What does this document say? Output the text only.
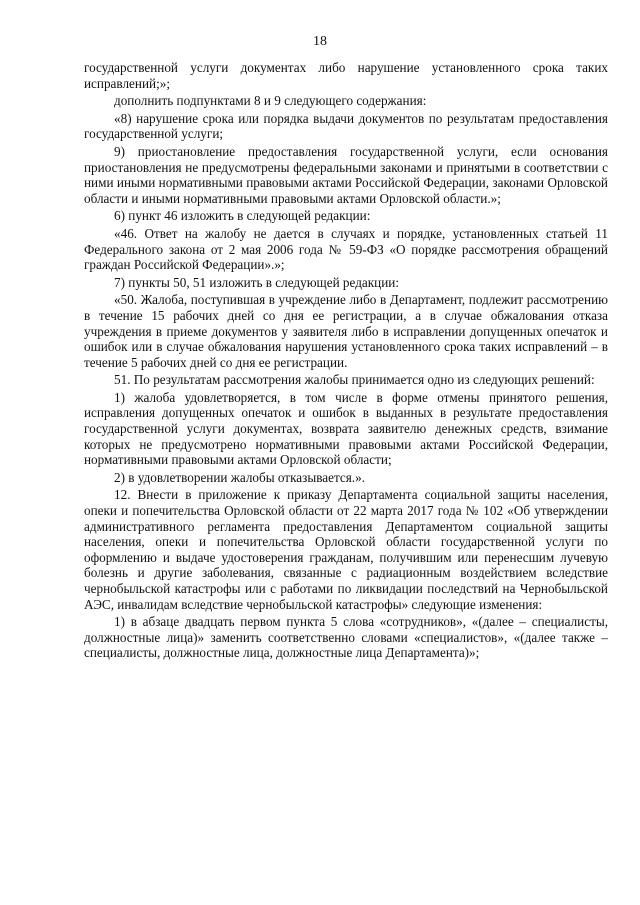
18

государственной услуги документах либо нарушение установленного срока таких исправлений;»;

дополнить подпунктами 8 и 9 следующего содержания:

«8) нарушение срока или порядка выдачи документов по результатам предоставления государственной услуги;

9) приостановление предоставления государственной услуги, если основания приостановления не предусмотрены федеральными законами и принятыми в соответствии с ними иными нормативными правовыми актами Российской Федерации, законами Орловской области и иными нормативными правовыми актами Орловской области.»;

6) пункт 46 изложить в следующей редакции:

«46. Ответ на жалобу не дается в случаях и порядке, установленных статьей 11 Федерального закона от 2 мая 2006 года № 59-ФЗ «О порядке рассмотрения обращений граждан Российской Федерации».»;

7) пункты 50, 51 изложить в следующей редакции:

«50. Жалоба, поступившая в учреждение либо в Департамент, подлежит рассмотрению в течение 15 рабочих дней со дня ее регистрации, а в случае обжалования отказа учреждения в приеме документов у заявителя либо в исправлении допущенных опечаток и ошибок или в случае обжалования нарушения установленного срока таких исправлений – в течение 5 рабочих дней со дня ее регистрации.

51. По результатам рассмотрения жалобы принимается одно из следующих решений:

1) жалоба удовлетворяется, в том числе в форме отмены принятого решения, исправления допущенных опечаток и ошибок в выданных в результате предоставления государственной услуги документах, возврата заявителю денежных средств, взимание которых не предусмотрено нормативными правовыми актами Российской Федерации, нормативными правовыми актами Орловской области;

2) в удовлетворении жалобы отказывается.».

12. Внести в приложение к приказу Департамента социальной защиты населения, опеки и попечительства Орловской области от 22 марта 2017 года № 102 «Об утверждении административного регламента предоставления Департаментом социальной защиты населения, опеки и попечительства Орловской области государственной услуги по оформлению и выдаче удостоверения гражданам, получившим или перенесшим лучевую болезнь и другие заболевания, связанные с радиационным воздействием вследствие чернобыльской катастрофы или с работами по ликвидации последствий на Чернобыльской АЭС, инвалидам вследствие чернобыльской катастрофы» следующие изменения:

1) в абзаце двадцать первом пункта 5 слова «сотрудников», «(далее – специалисты, должностные лица)» заменить соответственно словами «специалистов», «(далее также – специалисты, должностные лица, должностные лица Департамента)»;
